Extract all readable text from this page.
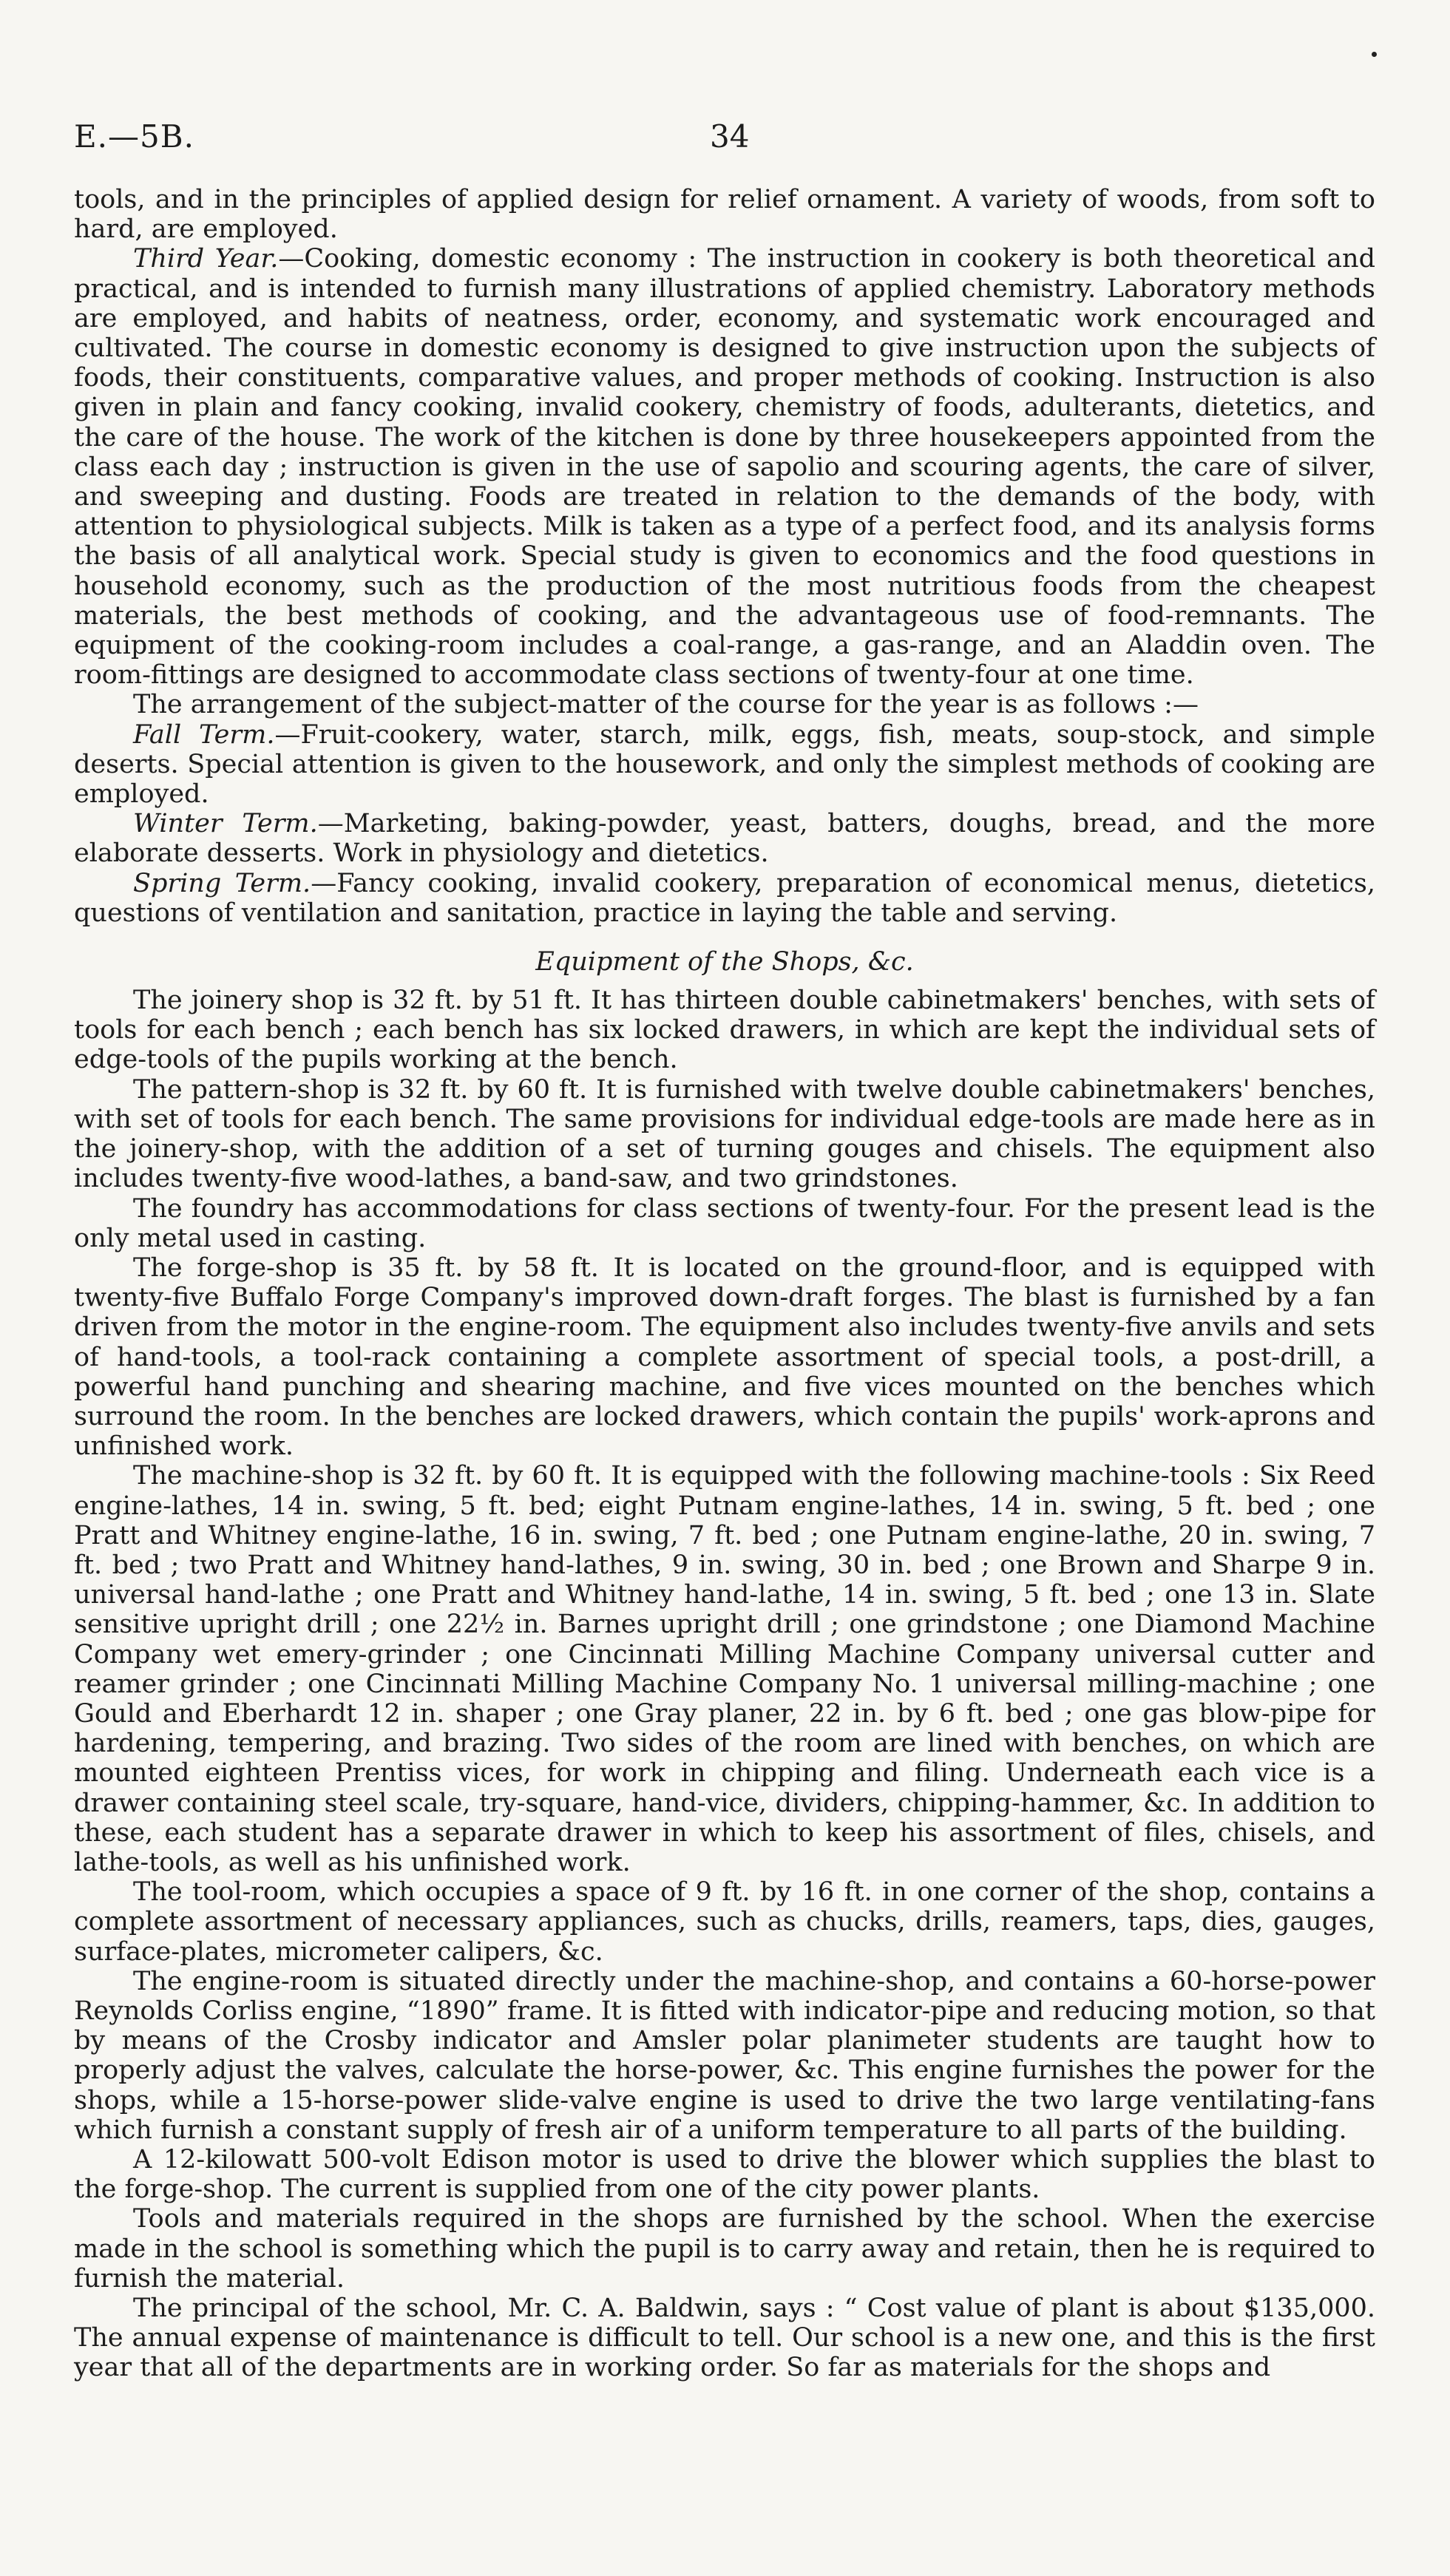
E.—5B.	34

tools, and in the principles of applied design for relief ornament. A variety of woods, from soft to hard, are employed.

Third Year.—Cooking, domestic economy : The instruction in cookery is both theoretical and practical, and is intended to furnish many illustrations of applied chemistry. Laboratory methods are employed, and habits of neatness, order, economy, and systematic work encouraged and cultivated. The course in domestic economy is designed to give instruction upon the subjects of foods, their constituents, comparative values, and proper methods of cooking. Instruction is also given in plain and fancy cooking, invalid cookery, chemistry of foods, adulterants, dietetics, and the care of the house. The work of the kitchen is done by three housekeepers appointed from the class each day ; instruction is given in the use of sapolio and scouring agents, the care of silver, and sweeping and dusting. Foods are treated in relation to the demands of the body, with attention to physiological subjects. Milk is taken as a type of a perfect food, and its analysis forms the basis of all analytical work. Special study is given to economics and the food questions in household economy, such as the production of the most nutritious foods from the cheapest materials, the best methods of cooking, and the advantageous use of food-remnants. The equipment of the cooking-room includes a coal-range, a gas-range, and an Aladdin oven. The room-fittings are designed to accommodate class sections of twenty-four at one time.

The arrangement of the subject-matter of the course for the year is as follows :—

Fall Term.—Fruit-cookery, water, starch, milk, eggs, fish, meats, soup-stock, and simple deserts. Special attention is given to the housework, and only the simplest methods of cooking are employed.

Winter Term.—Marketing, baking-powder, yeast, batters, doughs, bread, and the more elaborate desserts. Work in physiology and dietetics.

Spring Term.—Fancy cooking, invalid cookery, preparation of economical menus, dietetics, questions of ventilation and sanitation, practice in laying the table and serving.

Equipment of the Shops, &c.

The joinery shop is 32 ft. by 51 ft. It has thirteen double cabinetmakers' benches, with sets of tools for each bench ; each bench has six locked drawers, in which are kept the individual sets of edge-tools of the pupils working at the bench.

The pattern-shop is 32 ft. by 60 ft. It is furnished with twelve double cabinetmakers' benches, with set of tools for each bench. The same provisions for individual edge-tools are made here as in the joinery-shop, with the addition of a set of turning gouges and chisels. The equipment also includes twenty-five wood-lathes, a band-saw, and two grindstones.

The foundry has accommodations for class sections of twenty-four. For the present lead is the only metal used in casting.

The forge-shop is 35 ft. by 58 ft. It is located on the ground-floor, and is equipped with twenty-five Buffalo Forge Company's improved down-draft forges. The blast is furnished by a fan driven from the motor in the engine-room. The equipment also includes twenty-five anvils and sets of hand-tools, a tool-rack containing a complete assortment of special tools, a post-drill, a powerful hand punching and shearing machine, and five vices mounted on the benches which surround the room. In the benches are locked drawers, which contain the pupils' work-aprons and unfinished work.

The machine-shop is 32 ft. by 60 ft. It is equipped with the following machine-tools : Six Reed engine-lathes, 14 in. swing, 5 ft. bed; eight Putnam engine-lathes, 14 in. swing, 5 ft. bed ; one Pratt and Whitney engine-lathe, 16 in. swing, 7 ft. bed ; one Putnam engine-lathe, 20 in. swing, 7 ft. bed ; two Pratt and Whitney hand-lathes, 9 in. swing, 30 in. bed ; one Brown and Sharpe 9 in. universal hand-lathe ; one Pratt and Whitney hand-lathe, 14 in. swing, 5 ft. bed ; one 13 in. Slate sensitive upright drill ; one 22½ in. Barnes upright drill ; one grindstone ; one Diamond Machine Company wet emery-grinder ; one Cincinnati Milling Machine Company universal cutter and reamer grinder ; one Cincinnati Milling Machine Company No. 1 universal milling-machine ; one Gould and Eberhardt 12 in. shaper ; one Gray planer, 22 in. by 6 ft. bed ; one gas blow-pipe for hardening, tempering, and brazing. Two sides of the room are lined with benches, on which are mounted eighteen Prentiss vices, for work in chipping and filing. Underneath each vice is a drawer containing steel scale, try-square, hand-vice, dividers, chipping-hammer, &c. In addition to these, each student has a separate drawer in which to keep his assortment of files, chisels, and lathe-tools, as well as his unfinished work.

The tool-room, which occupies a space of 9 ft. by 16 ft. in one corner of the shop, contains a complete assortment of necessary appliances, such as chucks, drills, reamers, taps, dies, gauges, surface-plates, micrometer calipers, &c.

The engine-room is situated directly under the machine-shop, and contains a 60-horse-power Reynolds Corliss engine, “1890” frame. It is fitted with indicator-pipe and reducing motion, so that by means of the Crosby indicator and Amsler polar planimeter students are taught how to properly adjust the valves, calculate the horse-power, &c. This engine furnishes the power for the shops, while a 15-horse-power slide-valve engine is used to drive the two large ventilating-fans which furnish a constant supply of fresh air of a uniform temperature to all parts of the building.

A 12-kilowatt 500-volt Edison motor is used to drive the blower which supplies the blast to the forge-shop. The current is supplied from one of the city power plants.

Tools and materials required in the shops are furnished by the school. When the exercise made in the school is something which the pupil is to carry away and retain, then he is required to furnish the material.

The principal of the school, Mr. C. A. Baldwin, says : “ Cost value of plant is about $135,000. The annual expense of maintenance is difficult to tell. Our school is a new one, and this is the first year that all of the departments are in working order. So far as materials for the shops and
